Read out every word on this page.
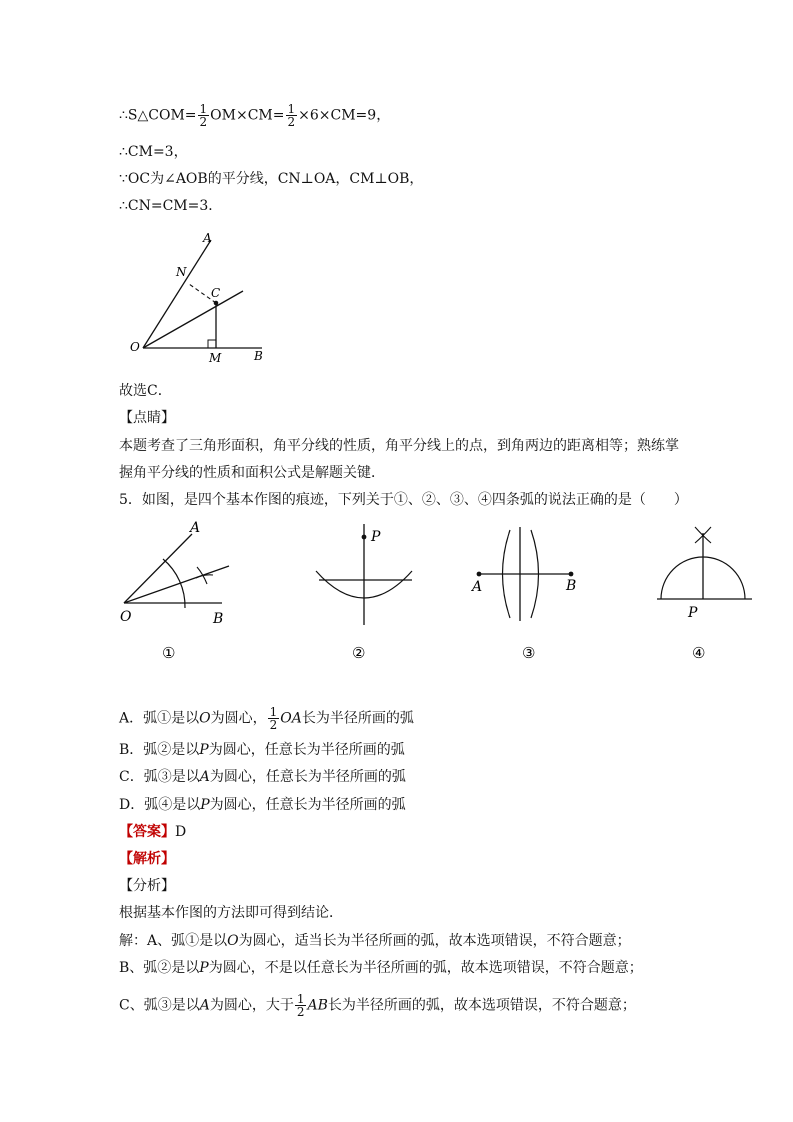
∴S△COM= $\frac{1}{2} OM\times CM= \frac{1}{2} \times 6\times CM=9$，
∴CM=3，
∵OC为∠AOB的平分线，CN⊥OA，CM⊥OB，
∴CN=CM=3．
A
N
C
O
M	B
故选C．
【点睛】
本题考查了三角形面积，角平分线的性质，角平分线上的点，到角两边的距离相等；熟练掌
握角平分线的性质和面积公式是解题关键．
5．如图，是四个基本作图的痕迹，下列关于①、②、③、④四条弧的说法正确的是（　　）
A
O	B
①
P
②
A	B
③
P
④
A．弧①是以O为圆心， $\frac{1}{2}$ OA长为半径所画的弧
B．弧②是以P为圆心，任意长为半径所画的弧
C．弧③是以A为圆心，任意长为半径所画的弧
D．弧④是以P为圆心，任意长为半径所画的弧
【答案】D
【解析】
【分析】
根据基本作图的方法即可得到结论．
解：A、弧①是以O为圆心，适当长为半径所画的弧，故本选项错误，不符合题意；
B、弧②是以P为圆心，不是以任意长为半径所画的弧，故本选项错误，不符合题意；
C、弧③是以A为圆心，大于 $\frac{1}{2}$ AB长为半径所画的弧，故本选项错误，不符合题意；
